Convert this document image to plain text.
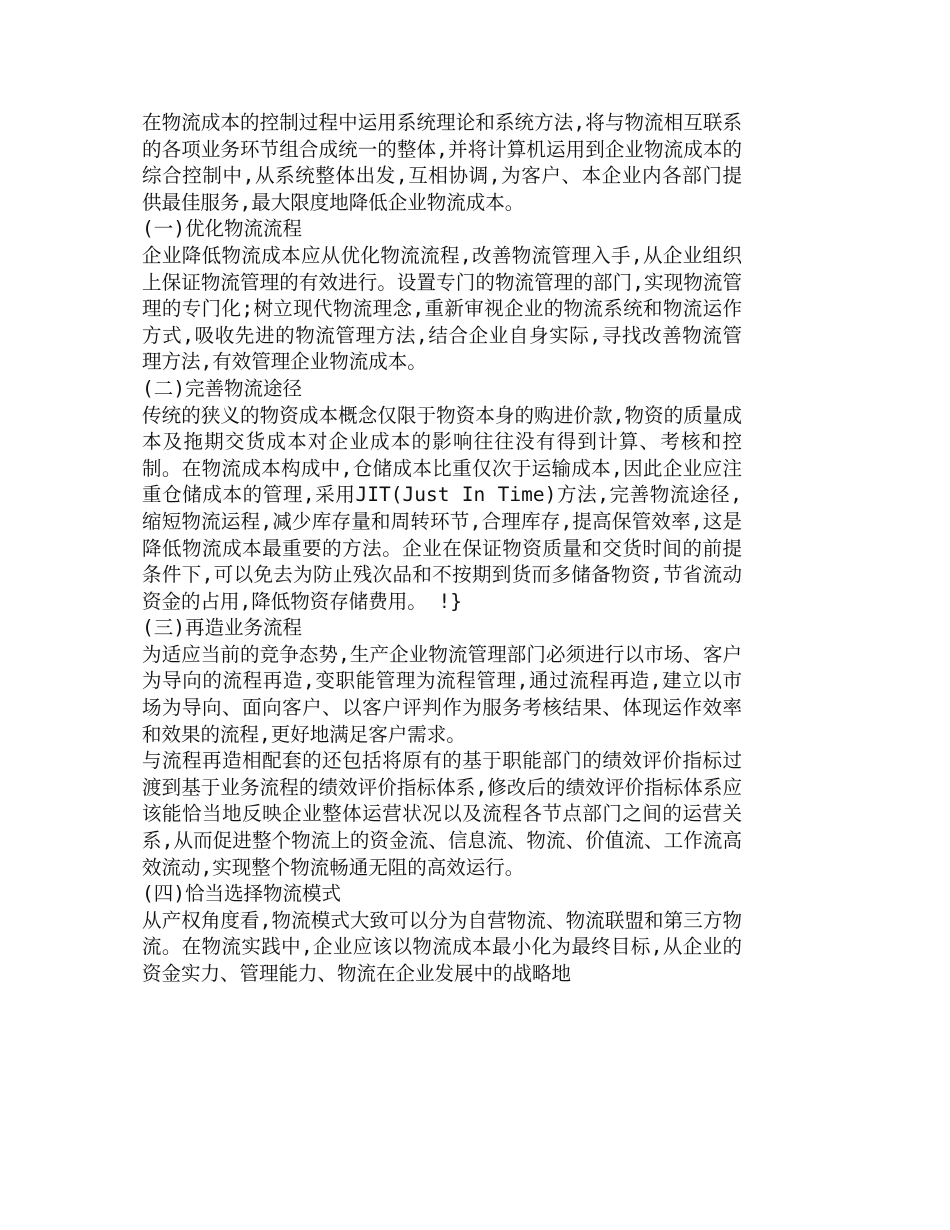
在物流成本的控制过程中运用系统理论和系统方法,将与物流相互联系的各项业务环节组合成统一的整体,并将计算机运用到企业物流成本的综合控制中,从系统整体出发,互相协调,为客户、本企业内各部门提供最佳服务,最大限度地降低企业物流成本。

(一)优化物流流程

企业降低物流成本应从优化物流流程,改善物流管理入手,从企业组织上保证物流管理的有效进行。设置专门的物流管理的部门,实现物流管理的专门化;树立现代物流理念,重新审视企业的物流系统和物流运作方式,吸收先进的物流管理方法,结合企业自身实际,寻找改善物流管理方法,有效管理企业物流成本。

(二)完善物流途径

传统的狭义的物资成本概念仅限于物资本身的购进价款,物资的质量成本及拖期交货成本对企业成本的影响往往没有得到计算、考核和控制。在物流成本构成中,仓储成本比重仅次于运输成本,因此企业应注重仓储成本的管理,采用JIT(Just In Time)方法,完善物流途径,缩短物流运程,减少库存量和周转环节,合理库存,提高保管效率,这是降低物流成本最重要的方法。企业在保证物资质量和交货时间的前提条件下,可以免去为防止残次品和不按期到货而多储备物资,节省流动资金的占用,降低物资存储费用。 !}

(三)再造业务流程

为适应当前的竞争态势,生产企业物流管理部门必须进行以市场、客户为导向的流程再造,变职能管理为流程管理,通过流程再造,建立以市场为导向、面向客户、以客户评判作为服务考核结果、体现运作效率和效果的流程,更好地满足客户需求。

与流程再造相配套的还包括将原有的基于职能部门的绩效评价指标过渡到基于业务流程的绩效评价指标体系,修改后的绩效评价指标体系应该能恰当地反映企业整体运营状况以及流程各节点部门之间的运营关系,从而促进整个物流上的资金流、信息流、物流、价值流、工作流高效流动,实现整个物流畅通无阻的高效运行。

(四)恰当选择物流模式

从产权角度看,物流模式大致可以分为自营物流、物流联盟和第三方物流。在物流实践中,企业应该以物流成本最小化为最终目标,从企业的资金实力、管理能力、物流在企业发展中的战略地
